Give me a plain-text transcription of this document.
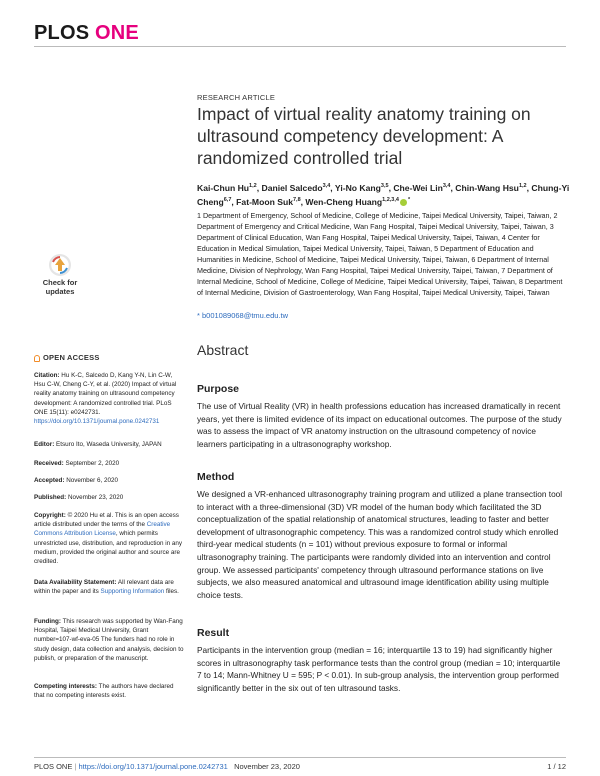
PLOS ONE
RESEARCH ARTICLE
Impact of virtual reality anatomy training on ultrasound competency development: A randomized controlled trial
Kai-Chun Hu$^{1,2}$, Daniel Salcedo$^{3,4}$, Yi-No Kang$^{3,5}$, Che-Wei Lin$^{3,4}$, Chin-Wang Hsu$^{1,2}$, Chung-Yi Cheng$^{6,7}$, Fat-Moon Suk$^{7,8}$, Wen-Cheng Huang$^{1,2,3,4}$ *
1 Department of Emergency, School of Medicine, College of Medicine, Taipei Medical University, Taipei, Taiwan, 2 Department of Emergency and Critical Medicine, Wan Fang Hospital, Taipei Medical University, Taipei, Taiwan, 3 Department of Clinical Education, Wan Fang Hospital, Taipei Medical University, Taipei, Taiwan, 4 Center for Education in Medical Simulation, Taipei Medical University, Taipei, Taiwan, 5 Department of Education and Humanities in Medicine, School of Medicine, Taipei Medical University, Taipei, Taiwan, 6 Department of Internal Medicine, Division of Nephrology, Wan Fang Hospital, Taipei Medical University, Taipei, Taiwan, 7 Department of Internal Medicine, School of Medicine, College of Medicine, Taipei Medical University, Taipei, Taiwan, 8 Department of Internal Medicine, Division of Gastroenterology, Wan Fang Hospital, Taipei Medical University, Taipei, Taiwan
* b001089068@tmu.edu.tw
Check for
updates
OPEN ACCESS
Citation: Hu K-C, Salcedo D, Kang Y-N, Lin C-W, Hsu C-W, Cheng C-Y, et al. (2020) Impact of virtual reality anatomy training on ultrasound competency development: A randomized controlled trial. PLoS ONE 15(11): e0242731. https://doi.org/10.1371/journal.pone.0242731
Editor: Etsuro Ito, Waseda University, JAPAN
Received: September 2, 2020
Accepted: November 6, 2020
Published: November 23, 2020
Copyright: © 2020 Hu et al. This is an open access article distributed under the terms of the Creative Commons Attribution License, which permits unrestricted use, distribution, and reproduction in any medium, provided the original author and source are credited.
Data Availability Statement: All relevant data are within the paper and its Supporting Information files.
Funding: This research was supported by Wan-Fang Hospital, Taipei Medical University, Grant number=107-wf-eva-05 The funders had no role in study design, data collection and analysis, decision to publish, or preparation of the manuscript.
Competing interests: The authors have declared that no competing interests exist.
Abstract
Purpose
The use of Virtual Reality (VR) in health professions education has increased dramatically in recent years, yet there is limited evidence of its impact on educational outcomes. The purpose of the study was to assess the impact of VR anatomy instruction on the ultrasound competency of novice learners participating in a ultrasonography workshop.
Method
We designed a VR-enhanced ultrasonography training program and utilized a plane transection tool to interact with a three-dimensional (3D) VR model of the human body which facilitated the 3D conceptualization of the spatial relationship of anatomical structures, leading to faster and better development of ultrasonographic competency. This was a randomized control study which enrolled third-year medical students (n = 101) without previous exposure to formal or informal ultrasonography training. The participants were randomly divided into an intervention and control group. We assessed participants' competency through ultrasound performance stations on live subjects, we also measured anatomical and ultrasound image identification ability using multiple choice tests.
Result
Participants in the intervention group (median = 16; interquartile 13 to 19) had significantly higher scores in ultrasonography task performance tests than the control group (median = 10; interquartile 7 to 14; Mann-Whitney U = 595; P < 0.01). In sub-group analysis, the intervention group performed significantly better in the six out of ten ultrasound tasks.
PLOS ONE | https://doi.org/10.1371/journal.pone.0242731 November 23, 2020	1 / 12
